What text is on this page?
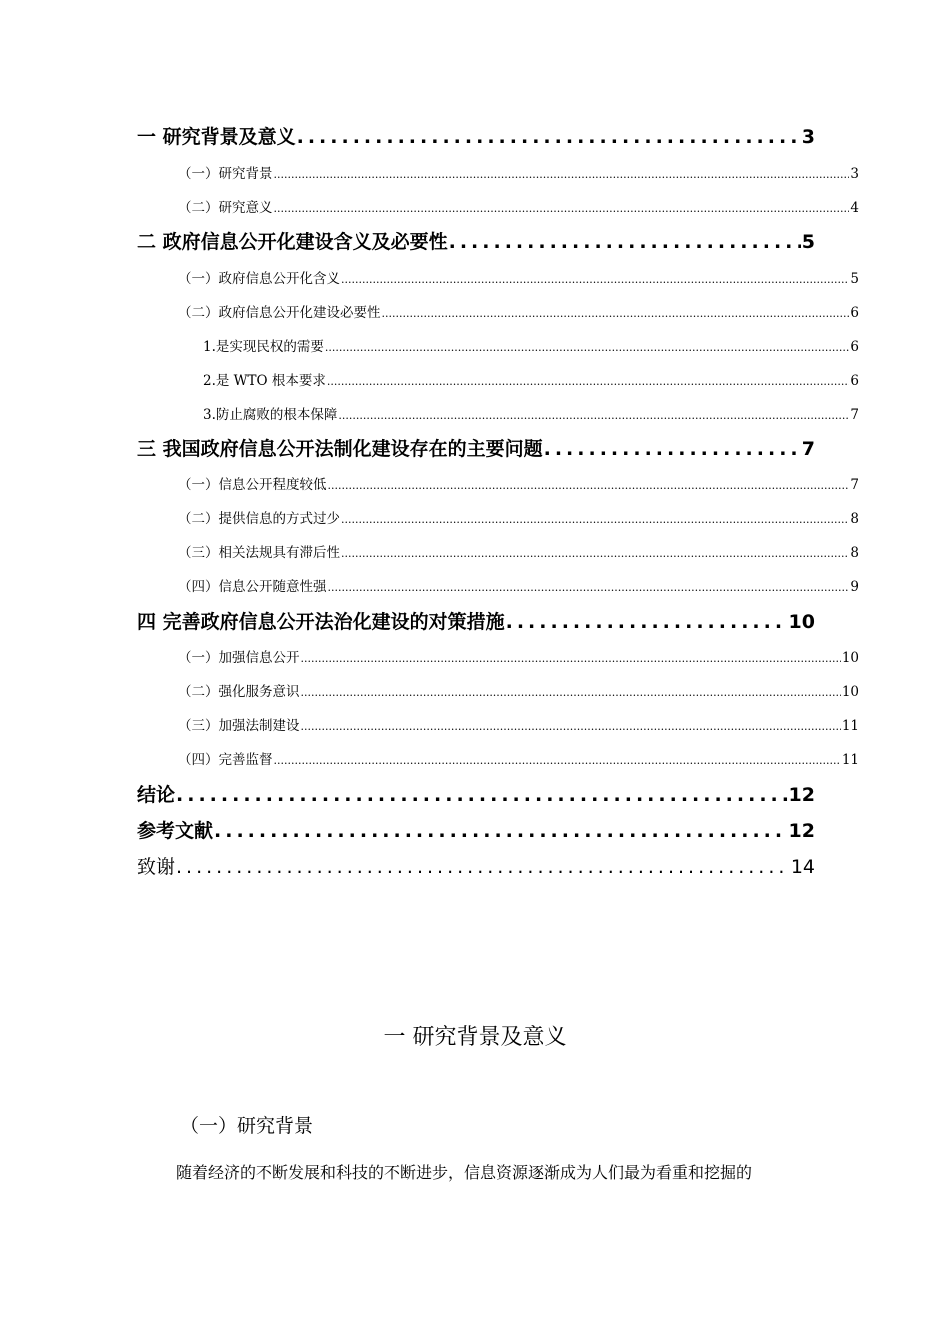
一 研究背景及意义 .....	3
（一）研究背景 .....	3
（二）研究意义 .....	4
二 政府信息公开化建设含义及必要性 .....	5
（一）政府信息公开化含义 .....	5
（二）政府信息公开化建设必要性 .....	6
1.是实现民权的需要 .....	6
2.是 WTO 根本要求 .....	6
3.防止腐败的根本保障 .....	7
三 我国政府信息公开法制化建设存在的主要问题 .....	7
（一）信息公开程度较低 .....	7
（二）提供信息的方式过少 .....	8
（三）相关法规具有滞后性 .....	8
（四）信息公开随意性强 .....	9
四 完善政府信息公开法治化建设的对策措施 .....	10
（一）加强信息公开 .....	10
（二）强化服务意识 .....	10
（三）加强法制建设 .....	11
（四）完善监督 .....	11
结论 .....	12
参考文献 .....	12
致谢 .....	14
一 研究背景及意义
（一）研究背景
随着经济的不断发展和科技的不断进步，信息资源逐渐成为人们最为看重和挖掘的
